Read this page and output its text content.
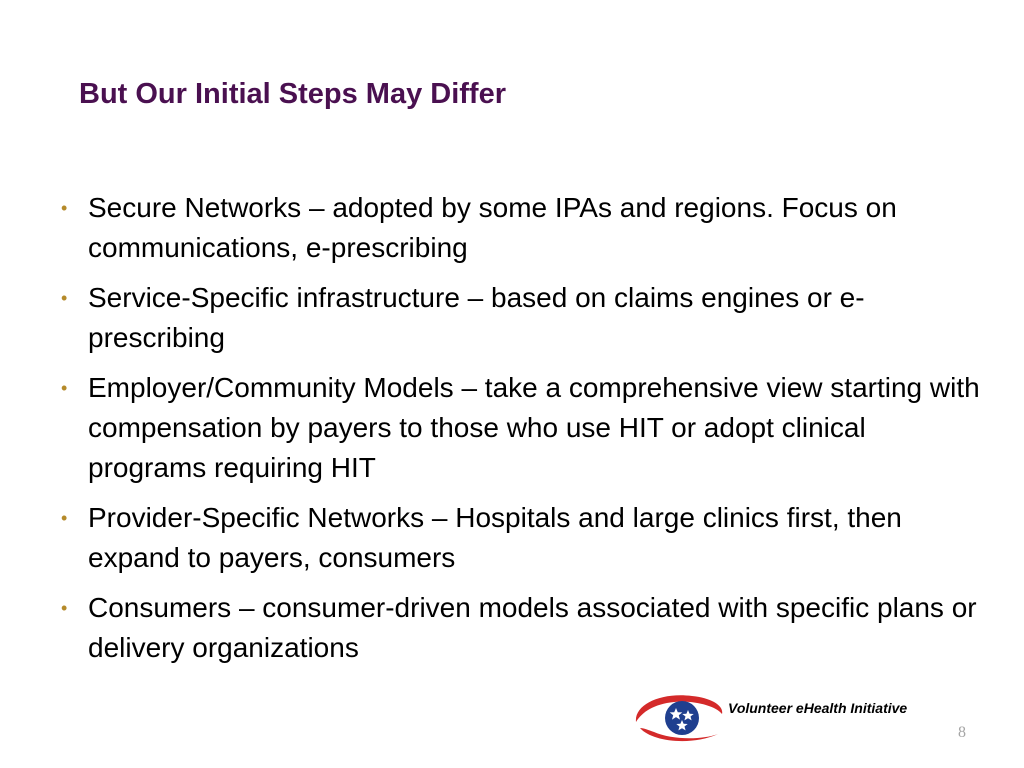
But Our Initial Steps May Differ
• Secure Networks – adopted by some IPAs and regions. Focus on communications, e-prescribing
• Service-Specific infrastructure – based on claims engines or e-prescribing
• Employer/Community Models – take a comprehensive view starting with compensation by payers to those who use HIT or adopt clinical programs requiring HIT
• Provider-Specific Networks – Hospitals and large clinics first, then expand to payers, consumers
• Consumers – consumer-driven models associated with specific plans or delivery organizations
Volunteer eHealth Initiative
8
